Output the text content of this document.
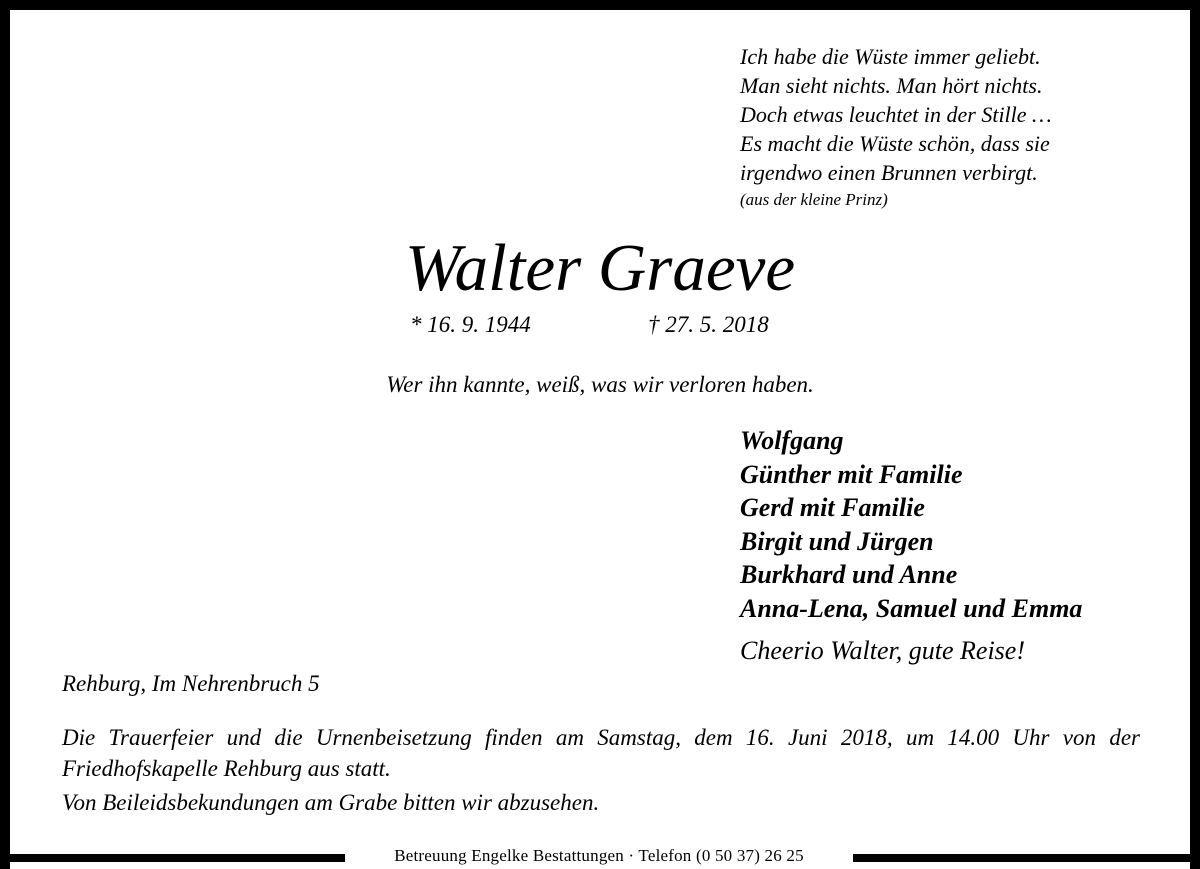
Ich habe die Wüste immer geliebt.
Man sieht nichts. Man hört nichts.
Doch etwas leuchtet in der Stille …
Es macht die Wüste schön, dass sie
irgendwo einen Brunnen verbirgt.
(aus der kleine Prinz)
Walter Graeve
* 16. 9. 1944	† 27. 5. 2018
Wer ihn kannte, weiß, was wir verloren haben.
Wolfgang
Günther mit Familie
Gerd mit Familie
Birgit und Jürgen
Burkhard und Anne
Anna-Lena, Samuel und Emma
Cheerio Walter, gute Reise!
Rehburg, Im Nehrenbruch 5
Die Trauerfeier und die Urnenbeisetzung finden am Samstag, dem 16. Juni 2018, um 14.00 Uhr von der Friedhofskapelle Rehburg aus statt.
Von Beileidsbekundungen am Grabe bitten wir abzusehen.
Betreuung Engelke Bestattungen · Telefon (0 50 37) 26 25
